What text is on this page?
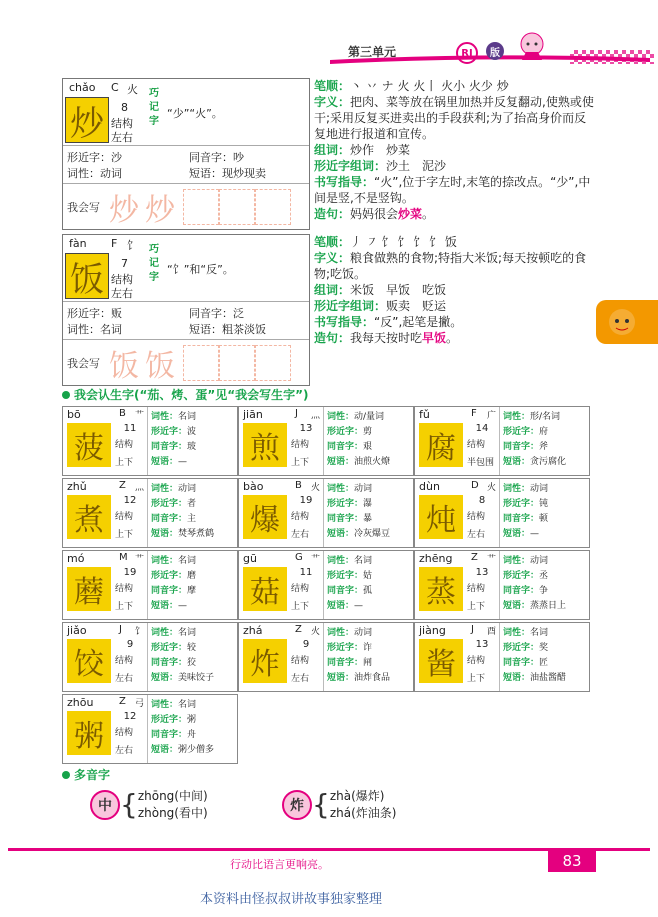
第三单元	RJ	版
chǎo C 火
炒	8
结构
左右
巧记字
“少”“火”。
形近字：沙	同音字：吵
词性：动词	短语：现炒现卖
我会写 炒 炒
笔顺：丶 丷 ナ 火 火丨 火小 火少 炒
字义：把肉、菜等放在锅里加热并反复翻动,使熟或使干;采用反复买进卖出的手段获利;为了抬高身价而反复地进行报道和宣传。
组词：炒作　炒菜
形近字组词：沙土　泥沙
书写指导：“火”,位于字左时,末笔的捺改点。“少”,中间是竖,不是竖钩。
造句：妈妈很会炒菜。
fàn F 饣
饭	7
结构
左右
巧记字
“饣”和“反”。
形近字：贩	同音字：泛
词性：名词	短语：粗茶淡饭
我会写 饭 饭
笔顺：丿 ㇇ 饣 饣 饣 饣 饭
字义：粮食做熟的食物;特指大米饭;每天按顿吃的食物;吃饭。
组词：米饭　早饭　吃饭
形近字组词：贩卖　贬运
书写指导：“反”,起笔是撇。
造句：我每天按时吃早饭。
我会认生字(“茄、烤、蛋”见“我会写生字”)
bō	B 艹
菠
11
结构
上下
词性：名词
形近字：波
同音字：玻
短语：—
jiān	J 灬
煎
13
结构
上下
词性：动/量词
形近字：剪
同音字：艰
短语：油煎火燎
fǔ	F 广
腐
14
结构
半包围
词性：形/名词
形近字：府
同音字：斧
短语：贪污腐化
zhǔ	Z 灬
煮
12
结构
上下
词性：动词
形近字：者
同音字：主
短语：焚琴煮鹤
bào	B 火
爆
19
结构
左右
词性：动词
形近字：瀑
同音字：暴
短语：冷灰爆豆
dùn	D 火
炖
8
结构
左右
词性：动词
形近字：钝
同音字：顿
短语：—
mó	M 艹
蘑
19
结构
上下
词性：名词
形近字：磨
同音字：摩
短语：—
gū	G 艹
菇
11
结构
上下
词性：名词
形近字：姑
同音字：孤
短语：—
zhēng Z 艹
蒸
13
结构
上下
词性：动词
形近字：丞
同音字：争
短语：蒸蒸日上
jiǎo	J 饣
饺
9
结构
左右
词性：名词
形近字：较
同音字：狡
短语：美味饺子
zhá	Z 火
炸
9
结构
左右
词性：动词
形近字：诈
同音字：闸
短语：油炸食品
jiàng	J 酉
酱
13
结构
上下
词性：名词
形近字：奖
同音字：匠
短语：油盐酱醋
zhōu	Z 弓
粥
12
结构
左右
词性：名词
形近字：粥
同音字：舟
短语：粥少僧多
多音字
中 { zhōng(中间)
zhòng(看中)	炸 { zhà(爆炸)
zhá(炸油条)
行动比语言更响亮。	83
本资料由怪叔叔讲故事独家整理
